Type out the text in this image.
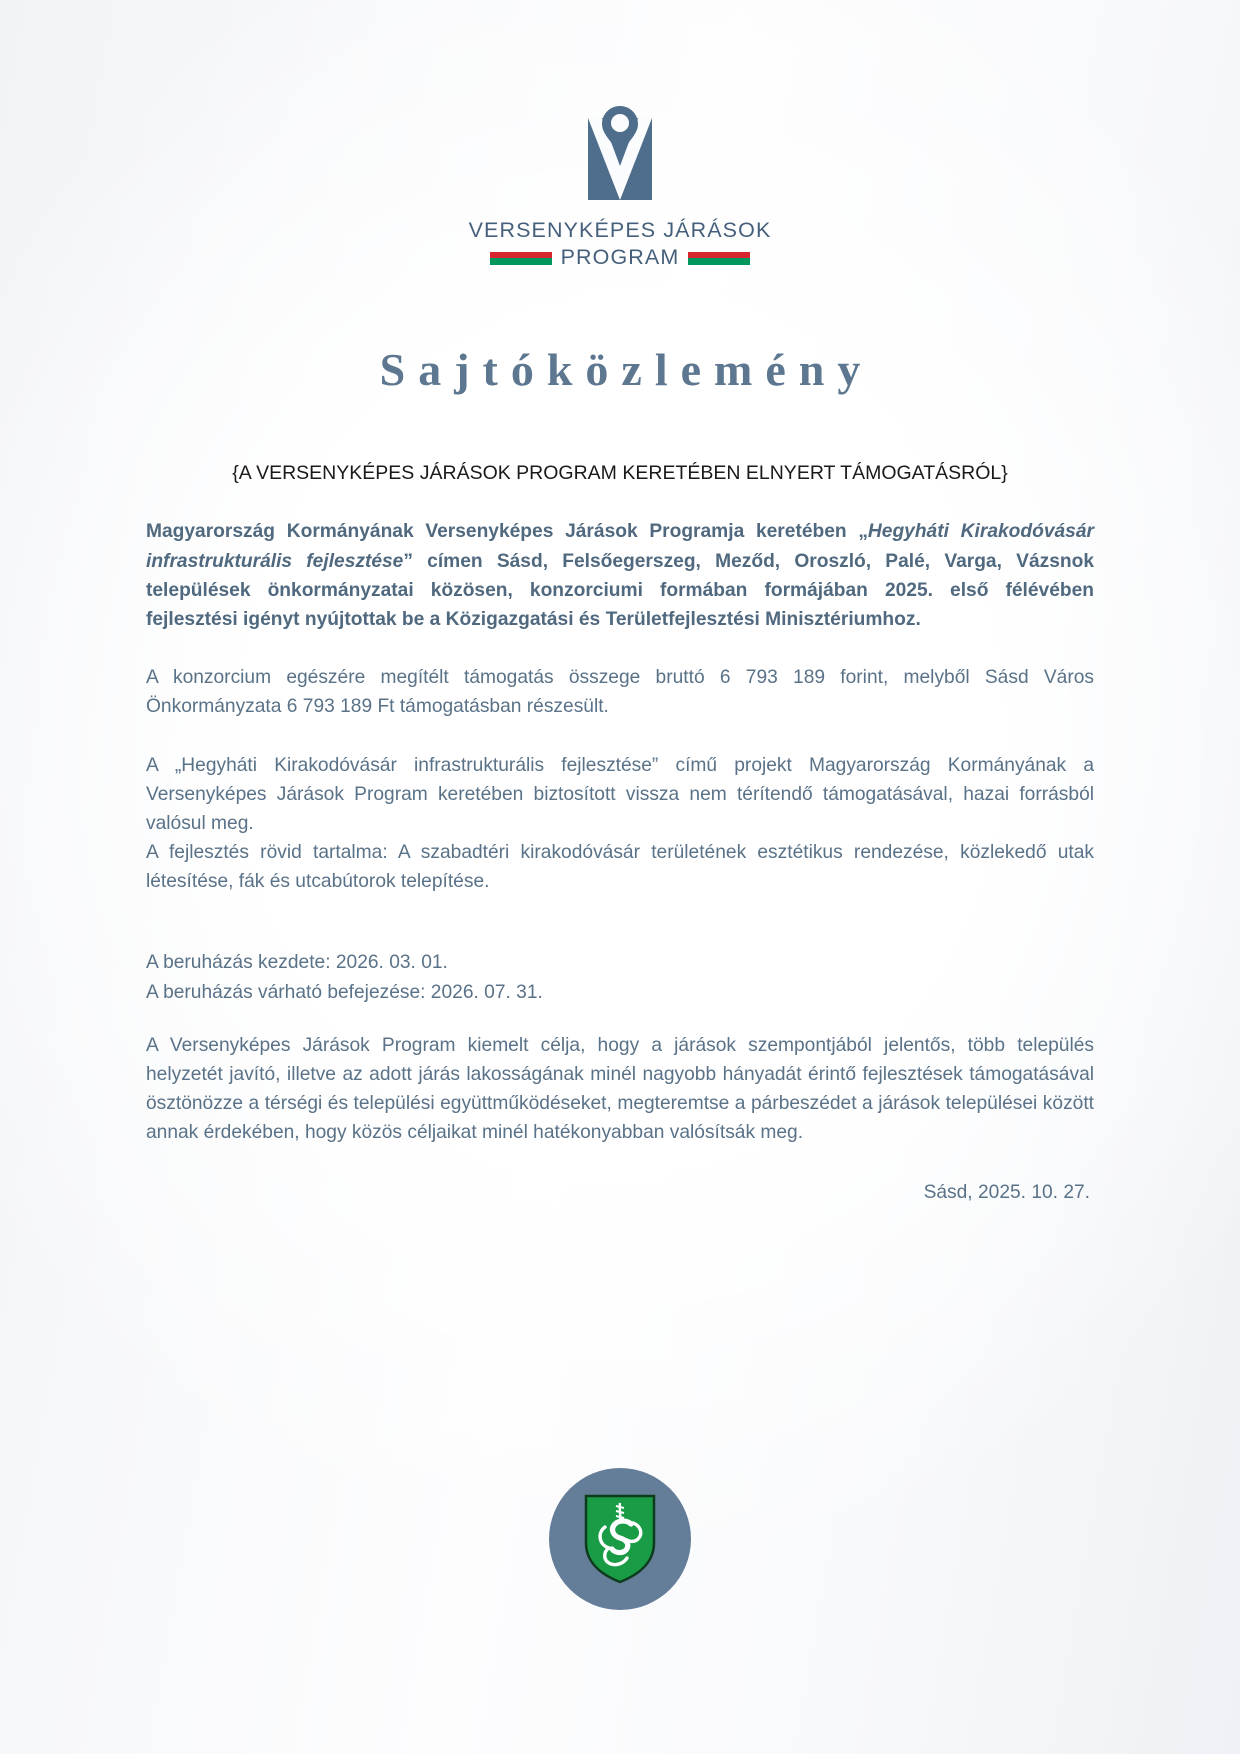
VERSENYKÉPES JÁRÁSOK
PROGRAM
Sajtóközlemény
{A VERSENYKÉPES JÁRÁSOK PROGRAM KERETÉBEN ELNYERT TÁMOGATÁSRÓL}

Magyarország Kormányának Versenyképes Járások Programja keretében „Hegyháti Kirakodóvásár infrastrukturális fejlesztése” címen Sásd, Felsőegerszeg, Meződ, Oroszló, Palé, Varga, Vázsnok települések önkormányzatai közösen, konzorciumi formában formájában 2025. első félévében fejlesztési igényt nyújtottak be a Közigazgatási és Területfejlesztési Minisztériumhoz.

A konzorcium egészére megítélt támogatás összege bruttó 6 793 189 forint, melyből Sásd Város Önkormányzata 6 793 189 Ft támogatásban részesült.

A „Hegyháti Kirakodóvásár infrastrukturális fejlesztése” című projekt Magyarország Kormányának a Versenyképes Járások Program keretében biztosított vissza nem térítendő támogatásával, hazai forrásból valósul meg.

A fejlesztés rövid tartalma: A szabadtéri kirakodóvásár területének esztétikus rendezése, közlekedő utak létesítése, fák és utcabútorok telepítése.

A beruházás kezdete: 2026. 03. 01.

A beruházás várható befejezése: 2026. 07. 31.

A Versenyképes Járások Program kiemelt célja, hogy a járások szempontjából jelentős, több település helyzetét javító, illetve az adott járás lakosságának minél nagyobb hányadát érintő fejlesztések támogatásával ösztönözze a térségi és települési együttműködéseket, megteremtse a párbeszédet a járások települései között annak érdekében, hogy közös céljaikat minél hatékonyabban valósítsák meg.

Sásd, 2025. 10. 27.
